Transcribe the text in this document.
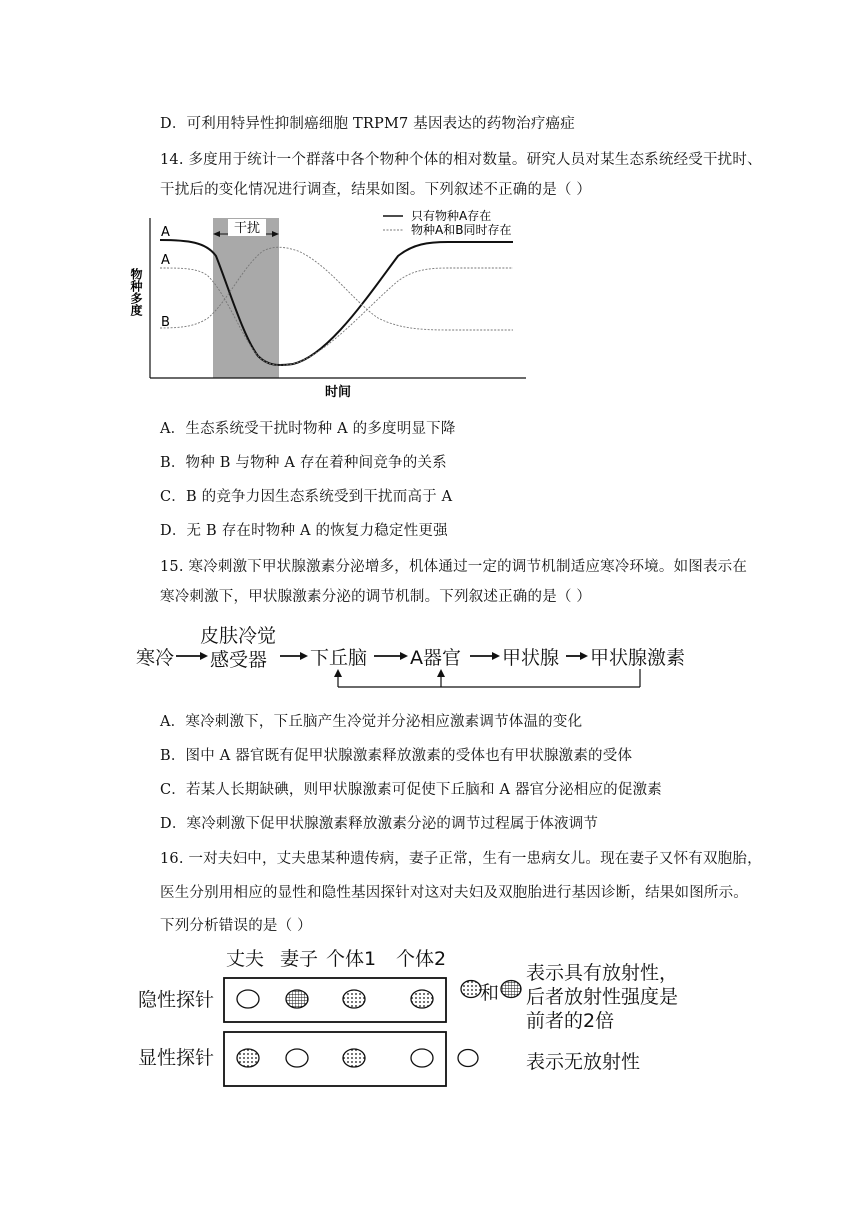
D．可利用特异性抑制癌细胞 TRPM7 基因表达的药物治疗癌症
14. 多度用于统计一个群落中各个物种个体的相对数量。研究人员对某生态系统经受干扰时、
干扰后的变化情况进行调查，结果如图。下列叙述不正确的是（ ）
干扰
A
A
B
物种多度
时间
只有物种A存在
物种A和B同时存在
A．生态系统受干扰时物种 A 的多度明显下降
B．物种 B 与物种 A 存在着种间竞争的关系
C．B 的竞争力因生态系统受到干扰而高于 A
D．无 B 存在时物种 A 的恢复力稳定性更强
15. 寒冷刺激下甲状腺激素分泌增多，机体通过一定的调节机制适应寒冷环境。如图表示在
寒冷刺激下，甲状腺激素分泌的调节机制。下列叙述正确的是（ ）
寒冷
皮肤冷觉
感受器 下丘脑 A器官 甲状腺 甲状腺激素
A．寒冷刺激下，下丘脑产生冷觉并分泌相应激素调节体温的变化
B．图中 A 器官既有促甲状腺激素释放激素的受体也有甲状腺激素的受体
C．若某人长期缺碘，则甲状腺激素可促使下丘脑和 A 器官分泌相应的促激素
D．寒冷刺激下促甲状腺激素释放激素分泌的调节过程属于体液调节
16. 一对夫妇中，丈夫患某种遗传病，妻子正常，生有一患病女儿。现在妻子又怀有双胞胎，
医生分别用相应的显性和隐性基因探针对这对夫妇及双胞胎进行基因诊断，结果如图所示。
下列分析错误的是（ ）
丈夫 妻子 个体1 个体2
隐性探针
显性探针
和
表示具有放射性，
后者放射性强度是
前者的2倍
表示无放射性
